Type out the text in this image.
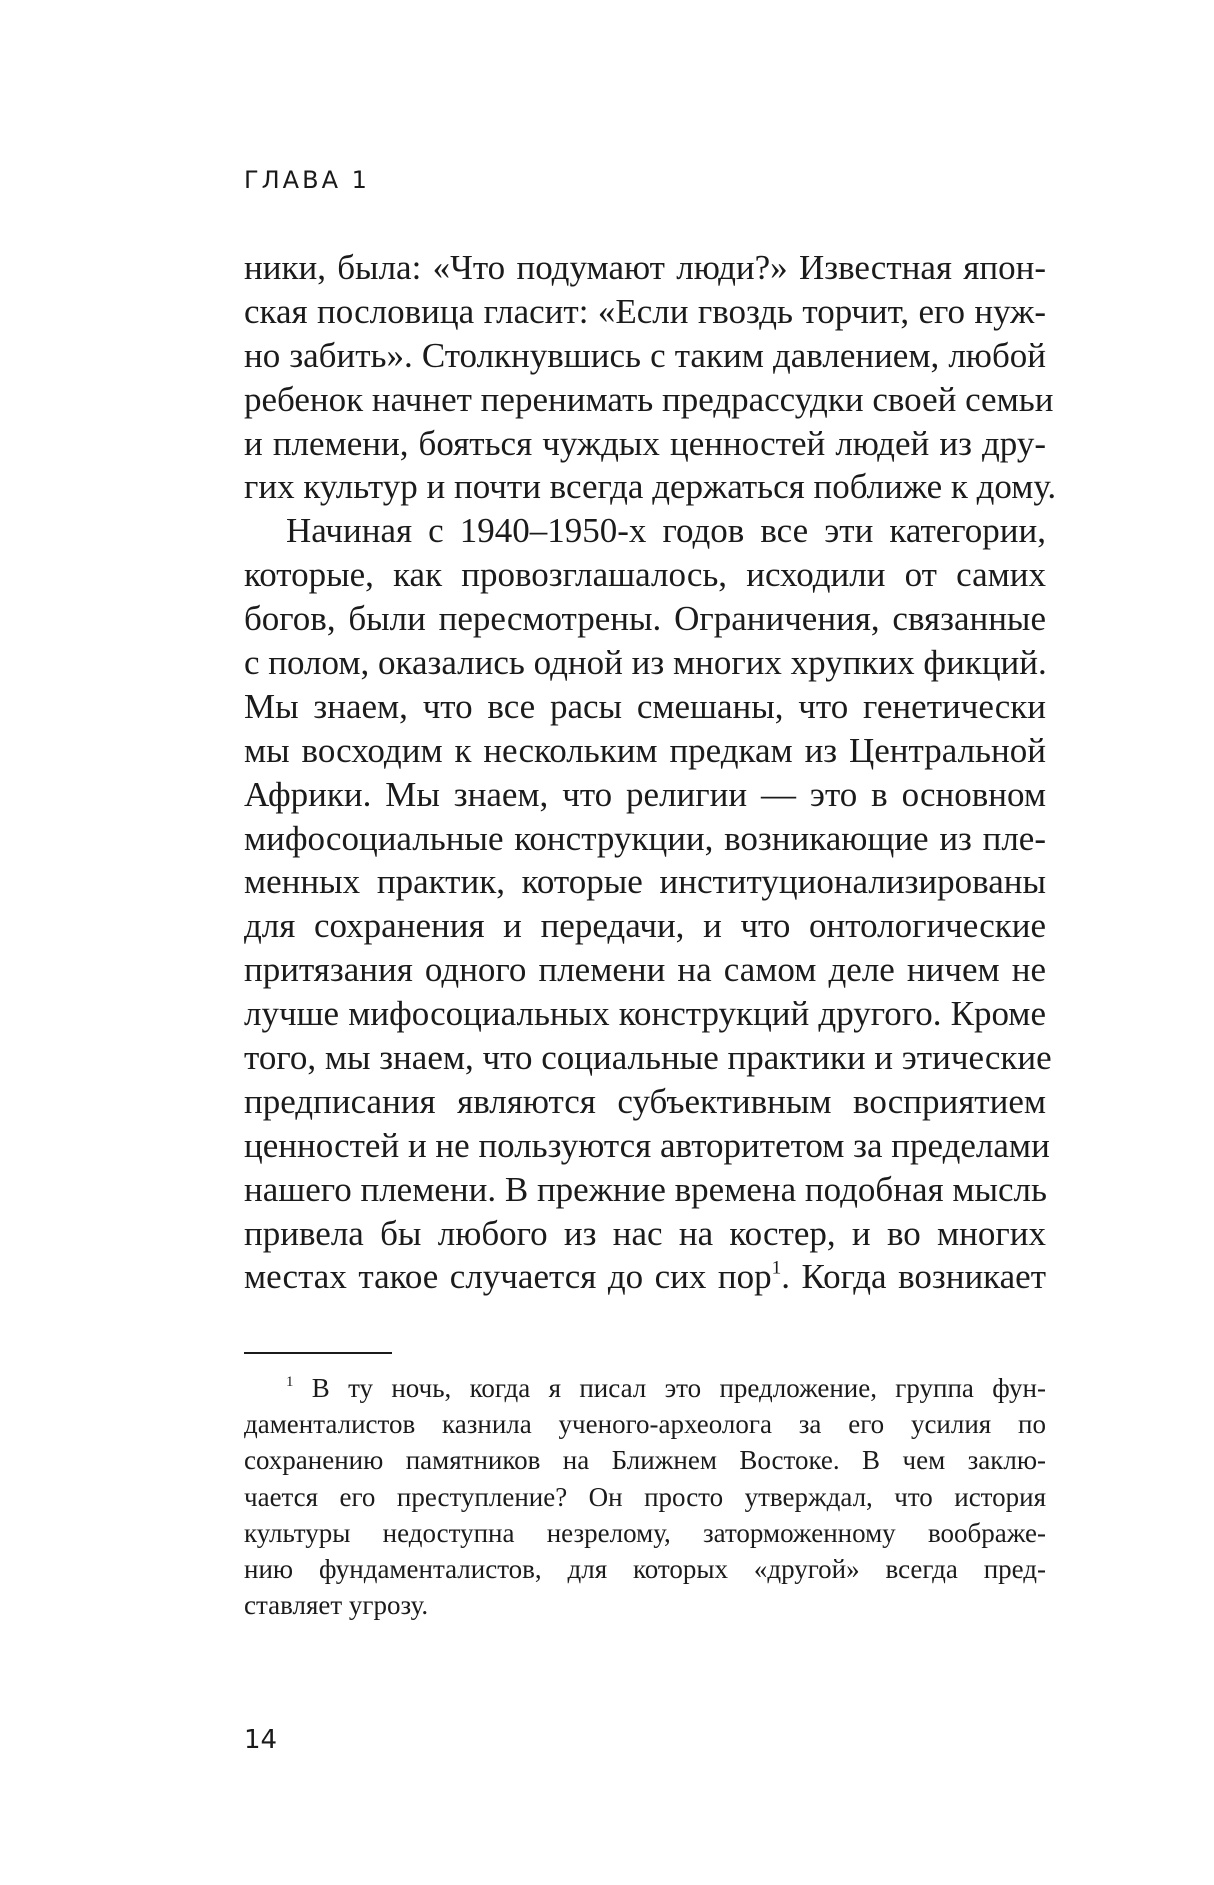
ГЛАВА 1
ники, была: «Что подумают люди?» Известная япон-
ская пословица гласит: «Если гвоздь торчит, его нуж-
но забить». Столкнувшись с таким давлением, любой
ребенок начнет перенимать предрассудки своей семьи
и племени, бояться чуждых ценностей людей из дру-
гих культур и почти всегда держаться поближе к дому.
Начиная с 1940–1950-х годов все эти категории,
которые, как провозглашалось, исходили от самих
богов, были пересмотрены. Ограничения, связанные
с полом, оказались одной из многих хрупких фикций.
Мы знаем, что все расы смешаны, что генетически
мы восходим к нескольким предкам из Центральной
Африки. Мы знаем, что религии — это в основном
мифосоциальные конструкции, возникающие из пле-
менных практик, которые институционализированы
для сохранения и передачи, и что онтологические
притязания одного племени на самом деле ничем не
лучше мифосоциальных конструкций другого. Кроме
того, мы знаем, что социальные практики и этические
предписания являются субъективным восприятием
ценностей и не пользуются авторитетом за пределами
нашего племени. В прежние времена подобная мысль
привела бы любого из нас на костер, и во многих
местах такое случается до сих пор$^1$. Когда возникает
$^1$ В ту ночь, когда я писал это предложение, группа фун-
даменталистов казнила ученого-археолога за его усилия по
сохранению памятников на Ближнем Востоке. В чем заклю-
чается его преступление? Он просто утверждал, что история
культуры недоступна незрелому, заторможенному воображе-
нию фундаменталистов, для которых «другой» всегда пред-
ставляет угрозу.
14
